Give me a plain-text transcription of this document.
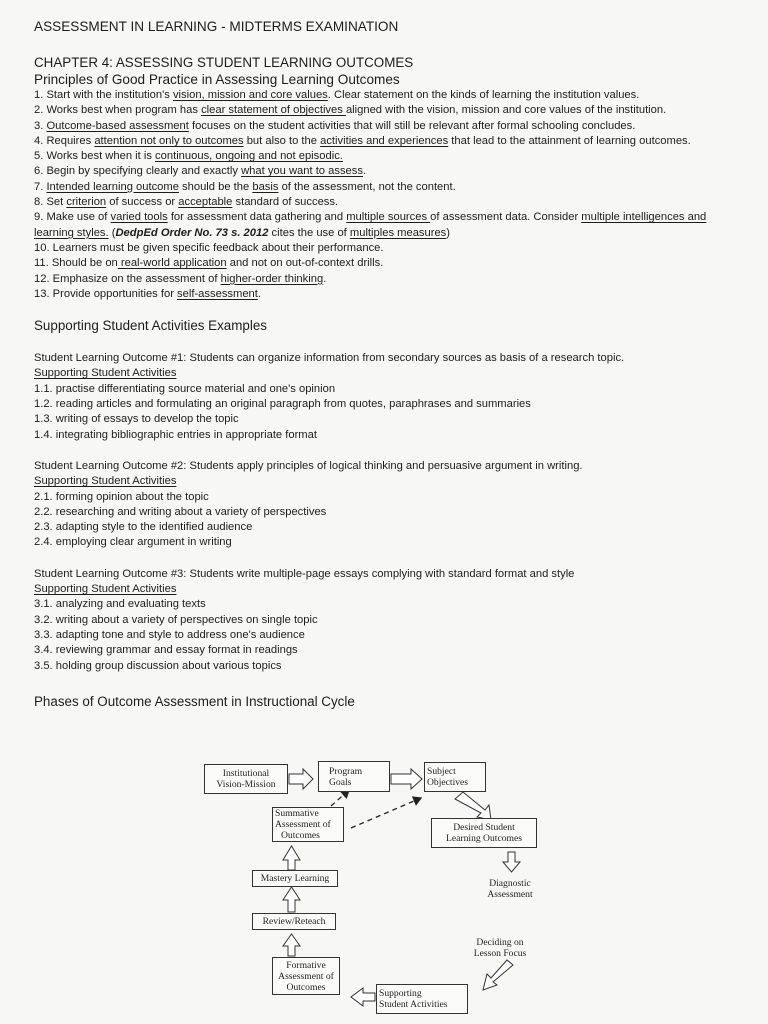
ASSESSMENT IN LEARNING - MIDTERMS EXAMINATION
CHAPTER 4: ASSESSING STUDENT LEARNING OUTCOMES
Principles of Good Practice in Assessing Learning Outcomes
1. Start with the institution's vision, mission and core values. Clear statement on the kinds of learning the institution values.
2. Works best when program has clear statement of objectives aligned with the vision, mission and core values of the institution.
3. Outcome-based assessment focuses on the student activities that will still be relevant after formal schooling concludes.
4. Requires attention not only to outcomes but also to the activities and experiences that lead to the attainment of learning outcomes.
5. Works best when it is continuous, ongoing and not episodic.
6. Begin by specifying clearly and exactly what you want to assess.
7. Intended learning outcome should be the basis of the assessment, not the content.
8. Set criterion of success or acceptable standard of success.
9. Make use of varied tools for assessment data gathering and multiple sources of assessment data. Consider multiple intelligences and learning styles. (DedpEd Order No. 73 s. 2012 cites the use of multiples measures)
10. Learners must be given specific feedback about their performance.
11. Should be on real-world application and not on out-of-context drills.
12. Emphasize on the assessment of higher-order thinking.
13. Provide opportunities for self-assessment.
Supporting Student Activities Examples
Student Learning Outcome #1: Students can organize information from secondary sources as basis of a research topic.
Supporting Student Activities
1.1. practise differentiating source material and one's opinion
1.2. reading articles and formulating an original paragraph from quotes, paraphrases and summaries
1.3. writing of essays to develop the topic
1.4. integrating bibliographic entries in appropriate format
Student Learning Outcome #2: Students apply principles of logical thinking and persuasive argument in writing.
Supporting Student Activities
2.1. forming opinion about the topic
2.2. researching and writing about a variety of perspectives
2.3. adapting style to the identified audience
2.4. employing clear argument in writing
Student Learning Outcome #3: Students write multiple-page essays complying with standard format and style
Supporting Student Activities
3.1. analyzing and evaluating texts
3.2. writing about a variety of perspectives on single topic
3.3. adapting tone and style to address one's audience
3.4. reviewing grammar and essay format in readings
3.5. holding group discussion about various topics
Phases of Outcome Assessment in Instructional Cycle
Institutional
Vision-Mission
Program
Goals
Subject
Objectives
Summative
Assessment of
Outcomes
Desired Student
Learning Outcomes
Mastery Learning	Diagnostic
Assessment
Review/Reteach
Deciding on
Lesson Focus
Formative
Assessment of
Outcomes
Supporting
Student Activities
